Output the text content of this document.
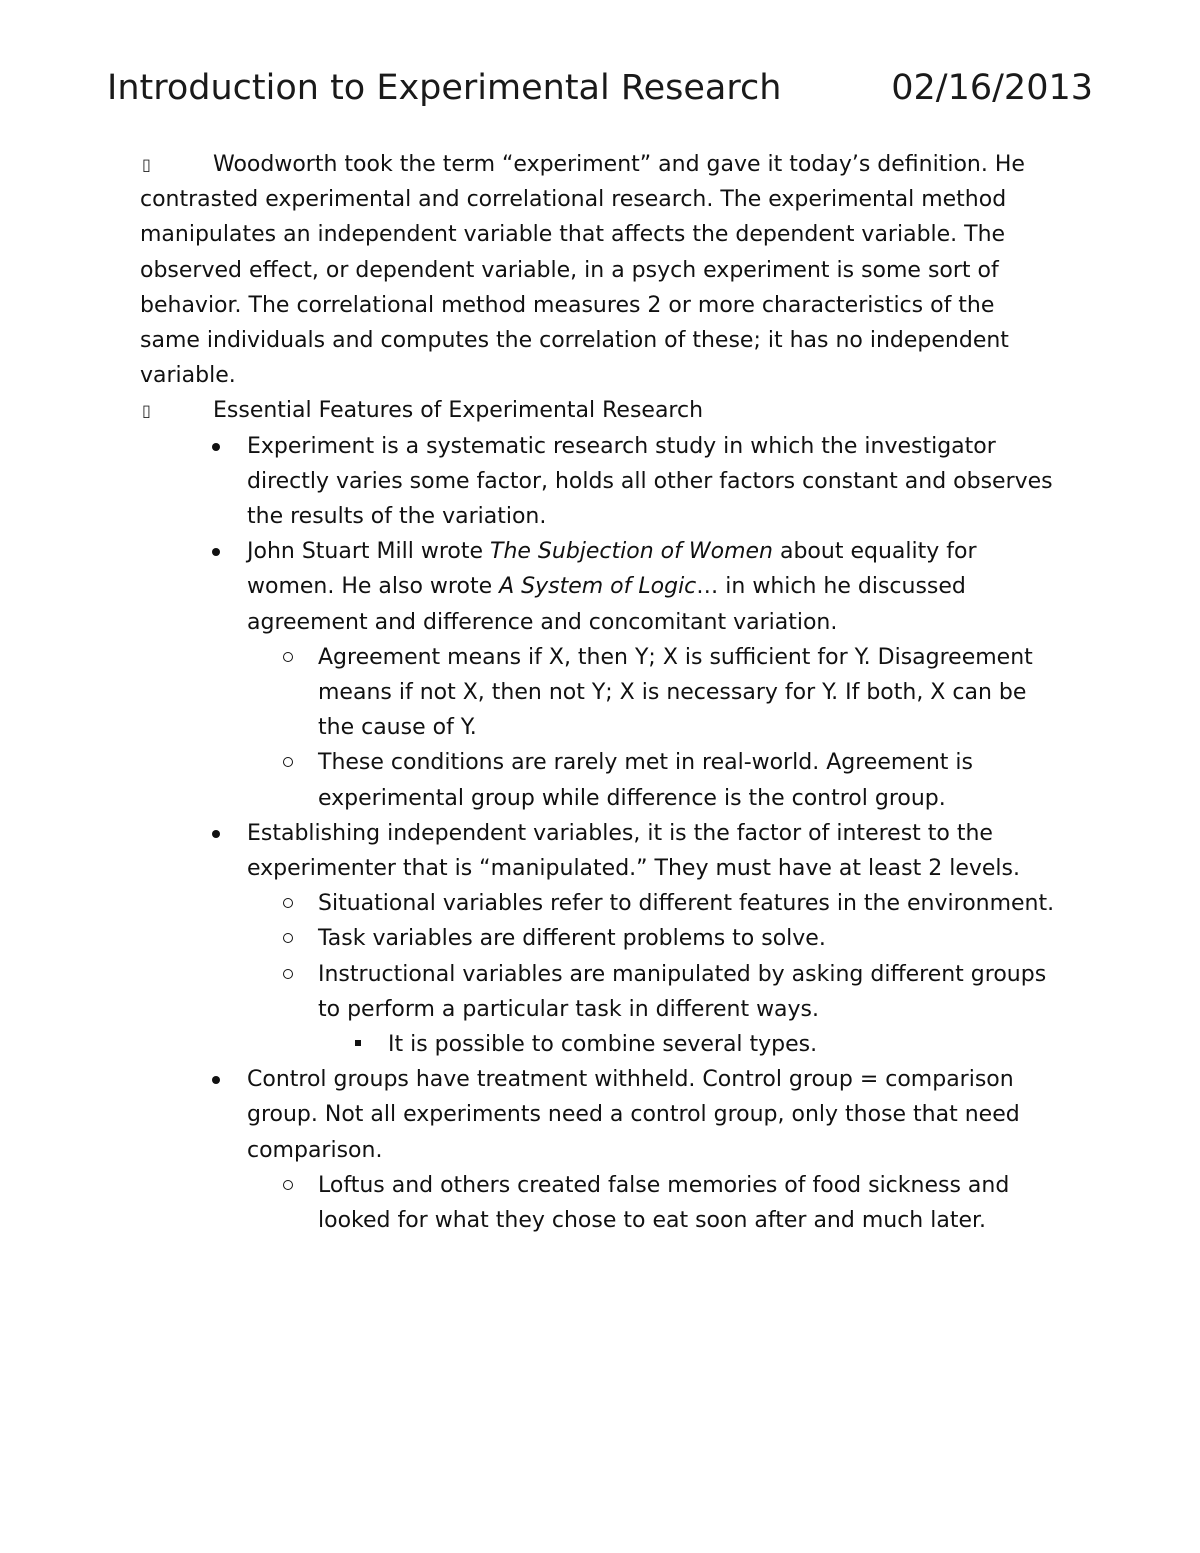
Introduction to Experimental Research	02/16/2013

▯	Woodworth took the term “experiment” and gave it today’s definition. He contrasted experimental and correlational research. The experimental method manipulates an independent variable that affects the dependent variable. The observed effect, or dependent variable, in a psych experiment is some sort of behavior. The correlational method measures 2 or more characteristics of the same individuals and computes the correlation of these; it has no independent variable.

▯	Essential Features of Experimental Research

Experiment is a systematic research study in which the investigator directly varies some factor, holds all other factors constant and observes the results of the variation.
John Stuart Mill wrote The Subjection of Women about equality for women. He also wrote A System of Logic… in which he discussed agreement and difference and concomitant variation.
Agreement means if X, then Y; X is sufficient for Y. Disagreement means if not X, then not Y; X is necessary for Y. If both, X can be the cause of Y.
These conditions are rarely met in real-world. Agreement is experimental group while difference is the control group.
Establishing independent variables, it is the factor of interest to the experimenter that is “manipulated.” They must have at least 2 levels.
Situational variables refer to different features in the environment.
Task variables are different problems to solve.
Instructional variables are manipulated by asking different groups to perform a particular task in different ways.
It is possible to combine several types.
Control groups have treatment withheld. Control group = comparison group. Not all experiments need a control group, only those that need comparison.
Loftus and others created false memories of food sickness and looked for what they chose to eat soon after and much later.
